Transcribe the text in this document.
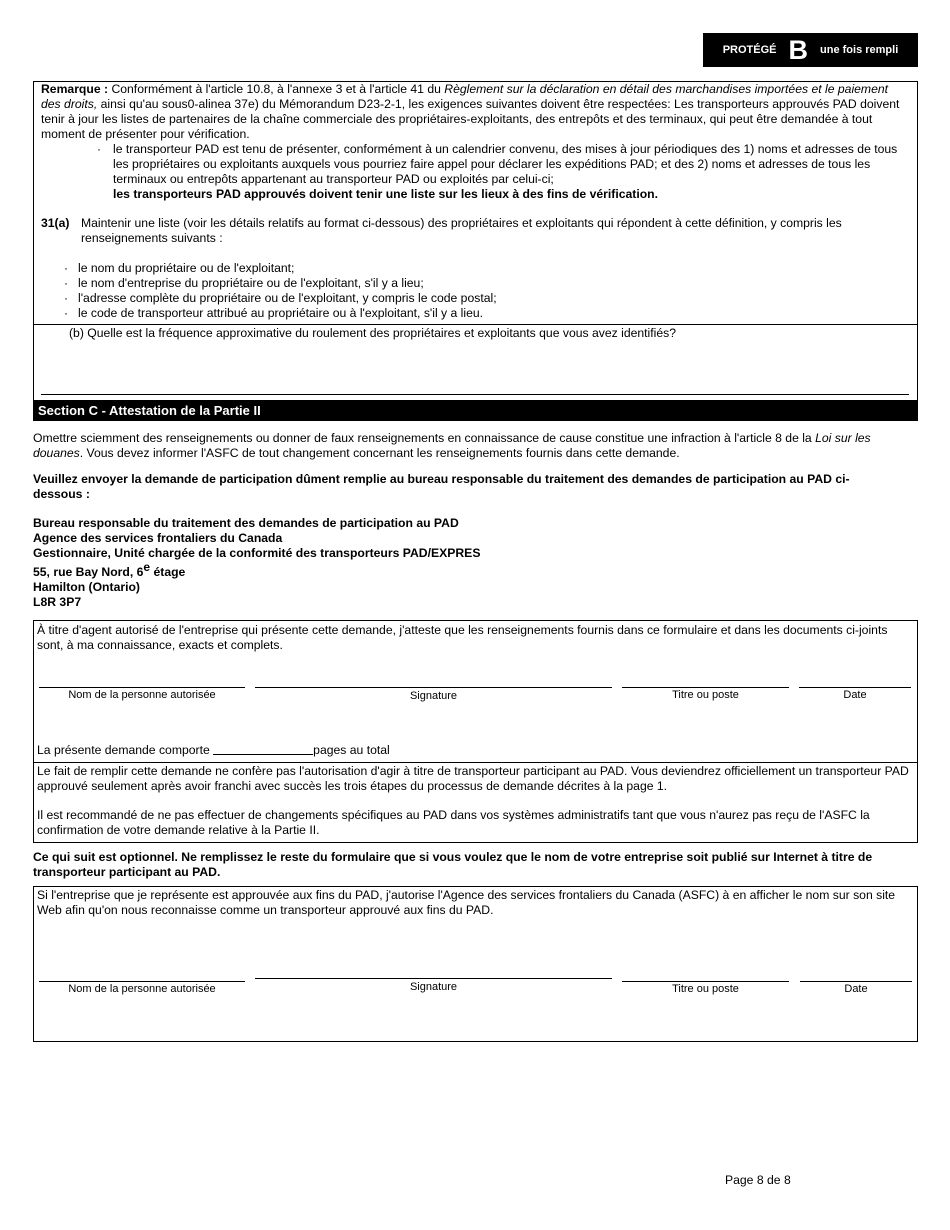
PROTÉGÉ B une fois rempli

Remarque : Conformément à l'article 10.8, à l'annexe 3 et à l'article 41 du Règlement sur la déclaration en détail des marchandises importées et le paiement des droits, ainsi qu'au sous0-alinea 37e) du Mémorandum D23-2-1, les exigences suivantes doivent être respectées: Les transporteurs approuvés PAD doivent tenir à jour les listes de partenaires de la chaîne commerciale des propriétaires-exploitants, des entrepôts et des terminaux, qui peut être demandée à tout moment de présenter pour vérification.

· le transporteur PAD est tenu de présenter, conformément à un calendrier convenu, des mises à jour périodiques des 1) noms et adresses de tous les propriétaires ou exploitants auxquels vous pourriez faire appel pour déclarer les expéditions PAD; et des 2) noms et adresses de tous les terminaux ou entrepôts appartenant au transporteur PAD ou exploités par celui-ci;
les transporteurs PAD approuvés doivent tenir une liste sur les lieux à des fins de vérification.
31(a) Maintenir une liste (voir les détails relatifs au format ci-dessous) des propriétaires et exploitants qui répondent à cette définition, y compris les renseignements suivants :
· le nom du propriétaire ou de l'exploitant;
· le nom d'entreprise du propriétaire ou de l'exploitant, s'il y a lieu;
· l'adresse complète du propriétaire ou de l'exploitant, y compris le code postal;
· le code de transporteur attribué au propriétaire ou à l'exploitant, s'il y a lieu.
(b) Quelle est la fréquence approximative du roulement des propriétaires et exploitants que vous avez identifiés?
Section C - Attestation de la Partie II
Omettre sciemment des renseignements ou donner de faux renseignements en connaissance de cause constitue une infraction à l'article 8 de la Loi sur les douanes. Vous devez informer l'ASFC de tout changement concernant les renseignements fournis dans cette demande.
Veuillez envoyer la demande de participation dûment remplie au bureau responsable du traitement des demandes de participation au PAD ci-dessous :
Bureau responsable du traitement des demandes de participation au PAD
Agence des services frontaliers du Canada
Gestionnaire, Unité chargée de la conformité des transporteurs PAD/EXPRES
55, rue Bay Nord, 6e étage
Hamilton (Ontario)
L8R 3P7
À titre d'agent autorisé de l'entreprise qui présente cette demande, j'atteste que les renseignements fournis dans ce formulaire et dans les documents ci-joints sont, à ma connaissance, exacts et complets.
Nom de la personne autorisée	Signature	Titre ou poste	Date
La présente demande comporte	pages au total

Le fait de remplir cette demande ne confère pas l'autorisation d'agir à titre de transporteur participant au PAD. Vous deviendrez officiellement un transporteur PAD approuvé seulement après avoir franchi avec succès les trois étapes du processus de demande décrites à la page 1.

Il est recommandé de ne pas effectuer de changements spécifiques au PAD dans vos systèmes administratifs tant que vous n'aurez pas reçu de l'ASFC la confirmation de votre demande relative à la Partie II.

Ce qui suit est optionnel. Ne remplissez le reste du formulaire que si vous voulez que le nom de votre entreprise soit publié sur Internet à titre de transporteur participant au PAD.
Si l'entreprise que je représente est approuvée aux fins du PAD, j'autorise l'Agence des services frontaliers du Canada (ASFC) à en afficher le nom sur son site Web afin qu'on nous reconnaisse comme un transporteur approuvé aux fins du PAD.
Nom de la personne autorisée	Signature	Titre ou poste	Date
Page 8 de 8
